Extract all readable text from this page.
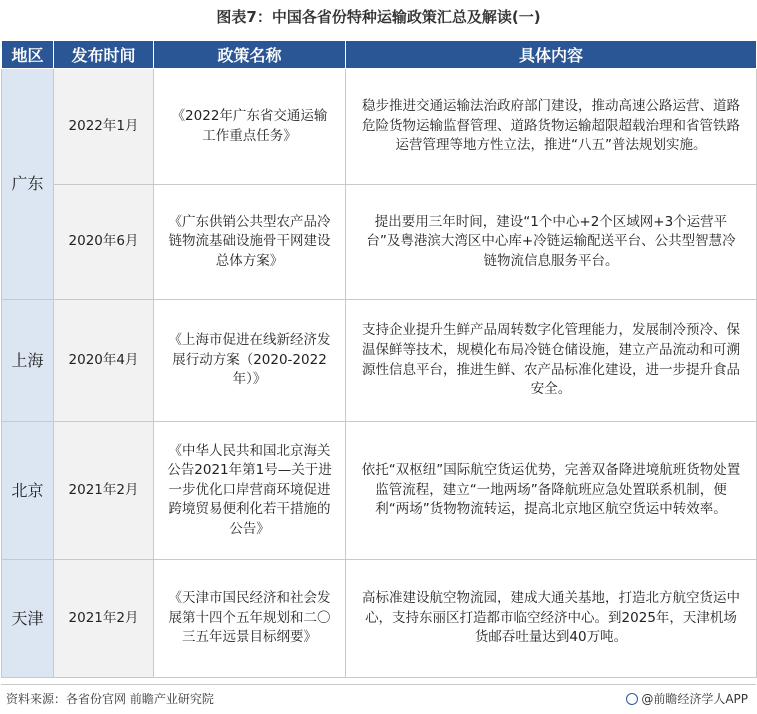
图表7：中国各省份特种运输政策汇总及解读(一)
地区	发布时间	政策名称	具体内容
广东	2022年1月	《2022年广东省交通运输工作重点任务》	稳步推进交通运输法治政府部门建设，推动高速公路运营、道路危险货物运输监督管理、道路货物运输超限超载治理和省管铁路运营管理等地方性立法，推进“八五”普法规划实施。
	2020年6月	《广东供销公共型农产品冷链物流基础设施骨干网建设总体方案》	提出要用三年时间，建设“1个中心+2个区域网+3个运营平台”及粤港滨大湾区中心库+冷链运输配送平台、公共型智慧冷链物流信息服务平台。
上海	2020年4月	《上海市促进在线新经济发展行动方案（2020-2022年）》	支持企业提升生鲜产品周转数字化管理能力，发展制冷预冷、保温保鲜等技术，规模化布局冷链仓储设施，建立产品流动和可溯源性信息平台，推进生鲜、农产品标准化建设，进一步提升食品安全。
北京	2021年2月	《中华人民共和国北京海关公告2021年第1号—关于进一步优化口岸营商环境促进跨境贸易便利化若干措施的公告》	依托“双枢纽”国际航空货运优势，完善双备降进境航班货物处置监管流程，建立“一地两场”备降航班应急处置联系机制，便利“两场”货物物流转运，提高北京地区航空货运中转效率。
天津	2021年2月	《天津市国民经济和社会发展第十四个五年规划和二〇三五年远景目标纲要》	高标准建设航空物流园，建成大通关基地，打造北方航空货运中心，支持东丽区打造都市临空经济中心。到2025年，天津机场货邮吞吐量达到40万吨。
资料来源：各省份官网 前瞻产业研究院	@前瞻经济学人APP
